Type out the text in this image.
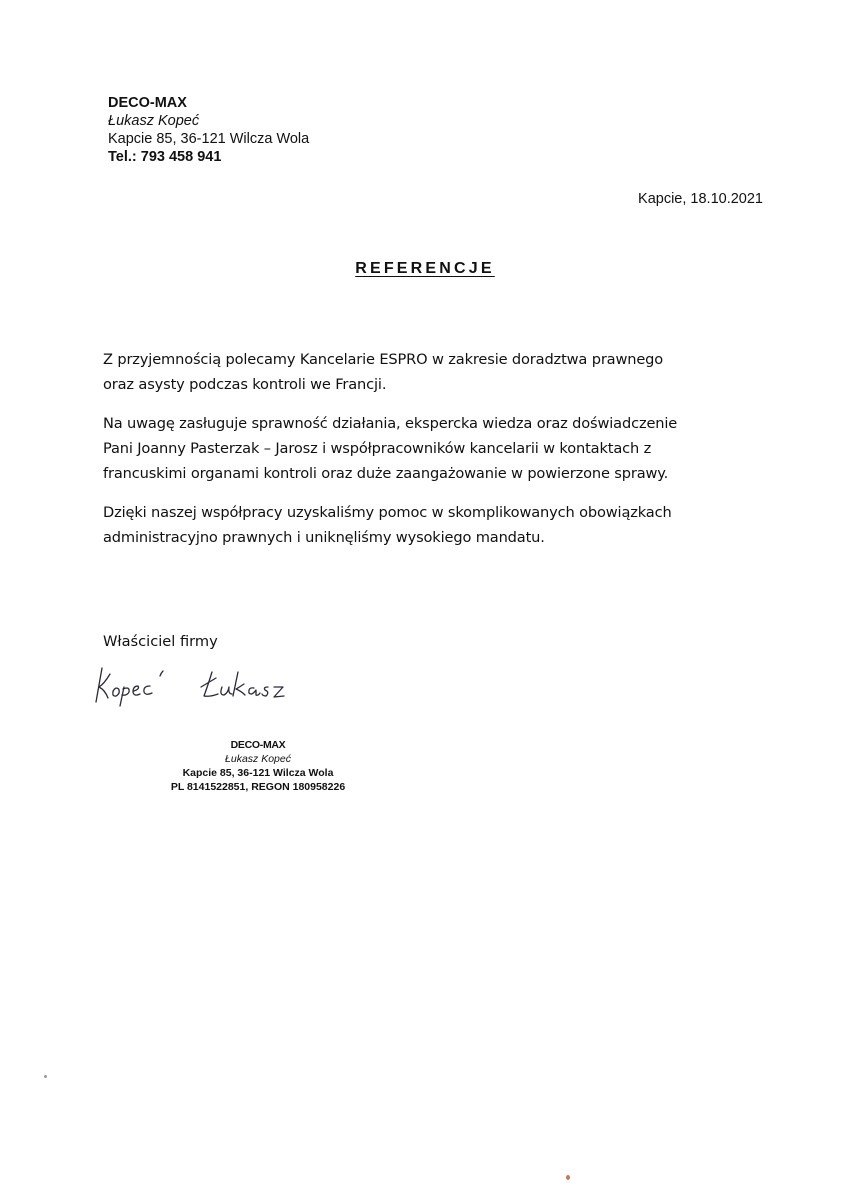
DECO-MAX
Łukasz Kopeć
Kapcie 85, 36-121 Wilcza Wola
Tel.: 793 458 941
Kapcie, 18.10.2021
REFERENCJE

Z przyjemnością polecamy Kancelarie ESPRO w zakresie doradztwa prawnego
oraz asysty podczas kontroli we Francji.

Na uwagę zasługuje sprawność działania, ekspercka wiedza oraz doświadczenie
Pani Joanny Pasterzak – Jarosz i współpracowników kancelarii w kontaktach z
francuskimi organami kontroli oraz duże zaangażowanie w powierzone sprawy.

Dzięki naszej współpracy uzyskaliśmy pomoc w skomplikowanych obowiązkach
administracyjno prawnych i uniknęliśmy wysokiego mandatu.

Właściciel firmy
DECO-MAX
Łukasz Kopeć
Kapcie 85, 36-121 Wilcza Wola
PL 8141522851, REGON 180958226
